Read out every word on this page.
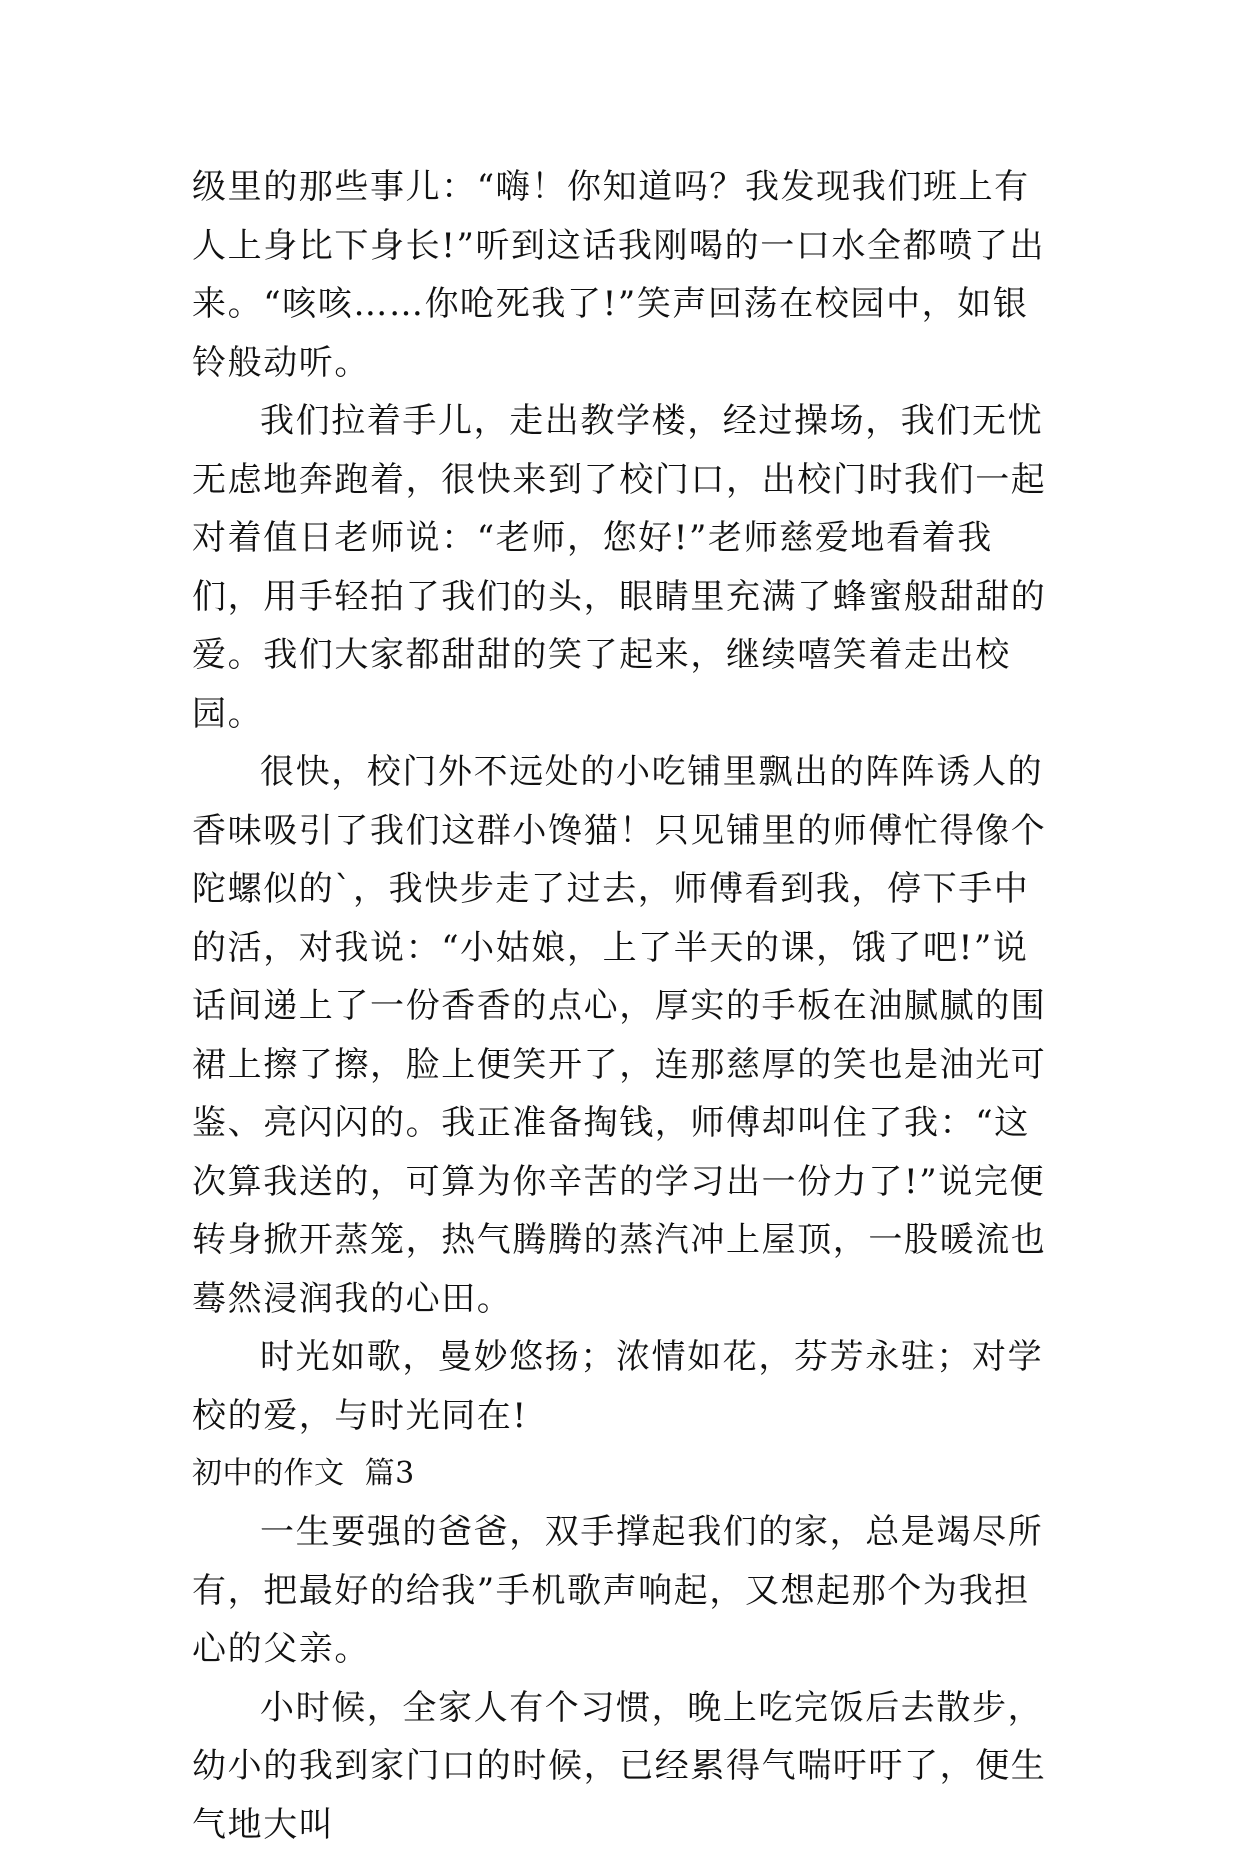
级里的那些事儿：“嗨！你知道吗？我发现我们班上有人上身比下身长!”听到这话我刚喝的一口水全都喷了出来。“咳咳……你呛死我了!”笑声回荡在校园中，如银铃般动听。

我们拉着手儿，走出教学楼，经过操场，我们无忧无虑地奔跑着，很快来到了校门口，出校门时我们一起对着值日老师说：“老师，您好!”老师慈爱地看着我们，用手轻拍了我们的头，眼睛里充满了蜂蜜般甜甜的爱。我们大家都甜甜的笑了起来，继续嘻笑着走出校园。

很快，校门外不远处的小吃铺里飘出的阵阵诱人的香味吸引了我们这群小馋猫！只见铺里的师傅忙得像个陀螺似的`，我快步走了过去，师傅看到我，停下手中的活，对我说：“小姑娘，上了半天的课，饿了吧!”说话间递上了一份香香的点心，厚实的手板在油腻腻的围裙上擦了擦，脸上便笑开了，连那慈厚的笑也是油光可鉴、亮闪闪的。我正准备掏钱，师傅却叫住了我：“这次算我送的，可算为你辛苦的学习出一份力了!”说完便转身掀开蒸笼，热气腾腾的蒸汽冲上屋顶，一股暖流也蓦然浸润我的心田。

时光如歌，曼妙悠扬；浓情如花，芬芳永驻；对学校的爱，与时光同在!

初中的作文  篇3

一生要强的爸爸，双手撑起我们的家，总是竭尽所有，把最好的给我”手机歌声响起，又想起那个为我担心的父亲。

小时候，全家人有个习惯，晚上吃完饭后去散步，幼小的我到家门口的时候，已经累得气喘吁吁了，便生气地大叫
